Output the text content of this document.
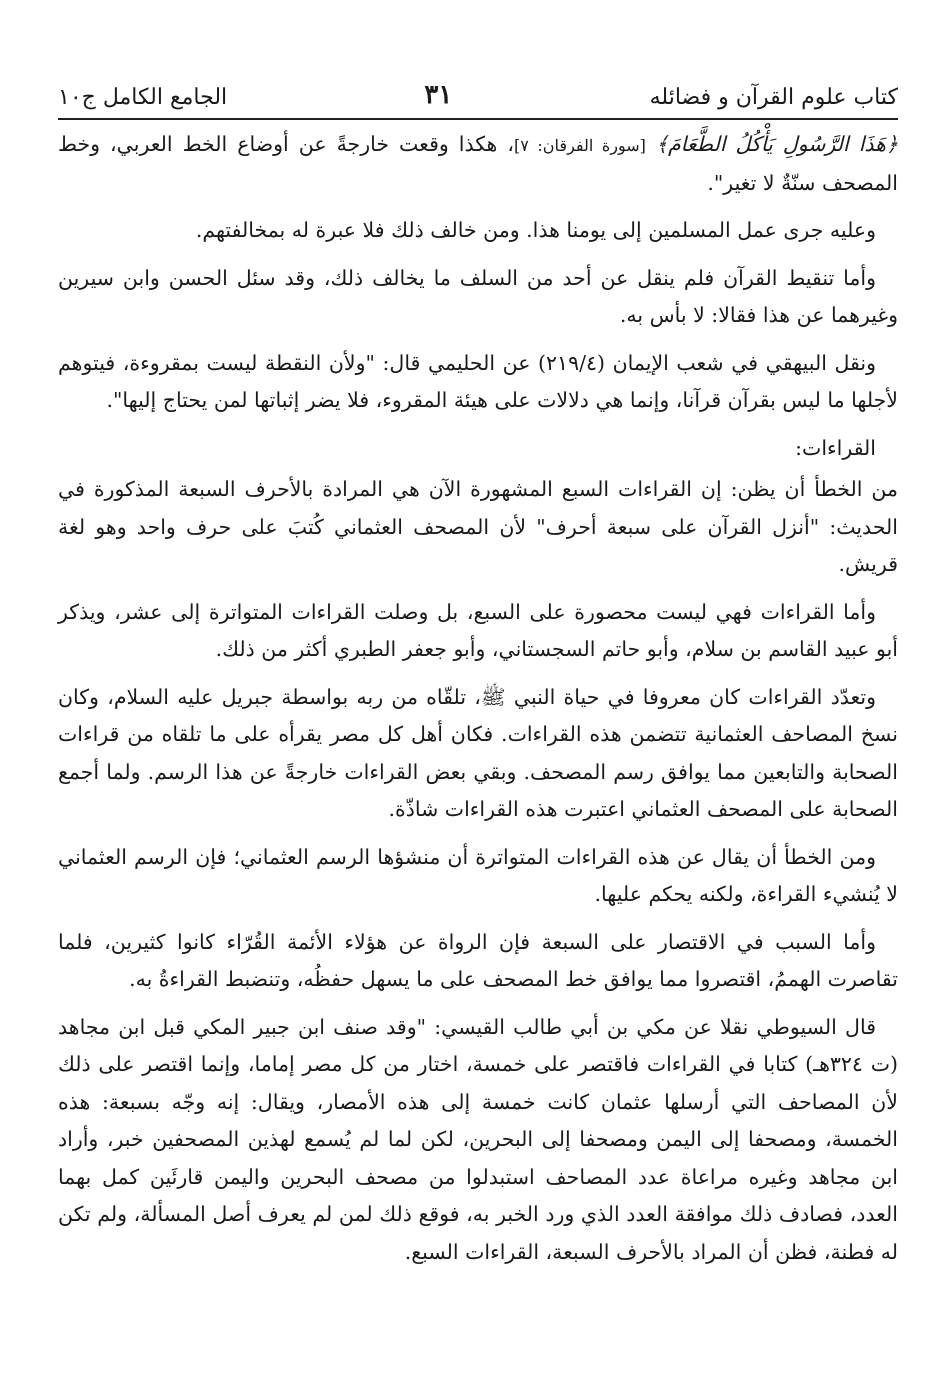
كتاب علوم القرآن و فضائله
٣١
الجامع الكامل ج١٠

﴿هَذَا الرَّسُولِ يَأْكُلُ الطَّعَامَ﴾ [سورة الفرقان: ٧]، هكذا وقعت خارجةً عن أوضاع الخط العربي، وخط المصحف سنّةٌ لا تغير".

وعليه جرى عمل المسلمين إلى يومنا هذا. ومن خالف ذلك فلا عبرة له بمخالفتهم.

وأما تنقيط القرآن فلم ينقل عن أحد من السلف ما يخالف ذلك، وقد سئل الحسن وابن سيرين وغيرهما عن هذا فقالا: لا بأس به.

ونقل البيهقي في شعب الإيمان (٢١٩/٤) عن الحليمي قال: "ولأن النقطة ليست بمقروءة، فيتوهم لأجلها ما ليس بقرآن قرآنا، وإنما هي دلالات على هيئة المقروء، فلا يضر إثباتها لمن يحتاج إليها".

القراءات:

من الخطأ أن يظن: إن القراءات السبع المشهورة الآن هي المرادة بالأحرف السبعة المذكورة في الحديث: "أنزل القرآن على سبعة أحرف" لأن المصحف العثماني كُتبَ على حرف واحد وهو لغة قريش.

وأما القراءات فهي ليست محصورة على السبع، بل وصلت القراءات المتواترة إلى عشر، ويذكر أبو عبيد القاسم بن سلام، وأبو حاتم السجستاني، وأبو جعفر الطبري أكثر من ذلك.

وتعدّد القراءات كان معروفا في حياة النبي ﷺ، تلقّاه من ربه بواسطة جبريل عليه السلام، وكان نسخ المصاحف العثمانية تتضمن هذه القراءات. فكان أهل كل مصر يقرأه على ما تلقاه من قراءات الصحابة والتابعين مما يوافق رسم المصحف. وبقي بعض القراءات خارجةً عن هذا الرسم. ولما أجمع الصحابة على المصحف العثماني اعتبرت هذه القراءات شاذّة.

ومن الخطأ أن يقال عن هذه القراءات المتواترة أن منشؤها الرسم العثماني؛ فإن الرسم العثماني لا يُنشيء القراءة، ولكنه يحكم عليها.

وأما السبب في الاقتصار على السبعة فإن الرواة عن هؤلاء الأئمة القُرّاء كانوا كثيرين، فلما تقاصرت الهممُ، اقتصروا مما يوافق خط المصحف على ما يسهل حفظُه، وتنضبط القراءةُ به.

قال السيوطي نقلا عن مكي بن أبي طالب القيسي: "وقد صنف ابن جبير المكي قبل ابن مجاهد (ت ٣٢٤هـ) كتابا في القراءات فاقتصر على خمسة، اختار من كل مصر إماما، وإنما اقتصر على ذلك لأن المصاحف التي أرسلها عثمان كانت خمسة إلى هذه الأمصار، ويقال: إنه وجّه بسبعة: هذه الخمسة، ومصحفا إلى اليمن ومصحفا إلى البحرين، لكن لما لم يُسمع لهذين المصحفين خبر، وأراد ابن مجاهد وغيره مراعاة عدد المصاحف استبدلوا من مصحف البحرين واليمن قارئَين كمل بهما العدد، فصادف ذلك موافقة العدد الذي ورد الخبر به، فوقع ذلك لمن لم يعرف أصل المسألة، ولم تكن له فطنة، فظن أن المراد بالأحرف السبعة، القراءات السبع.
